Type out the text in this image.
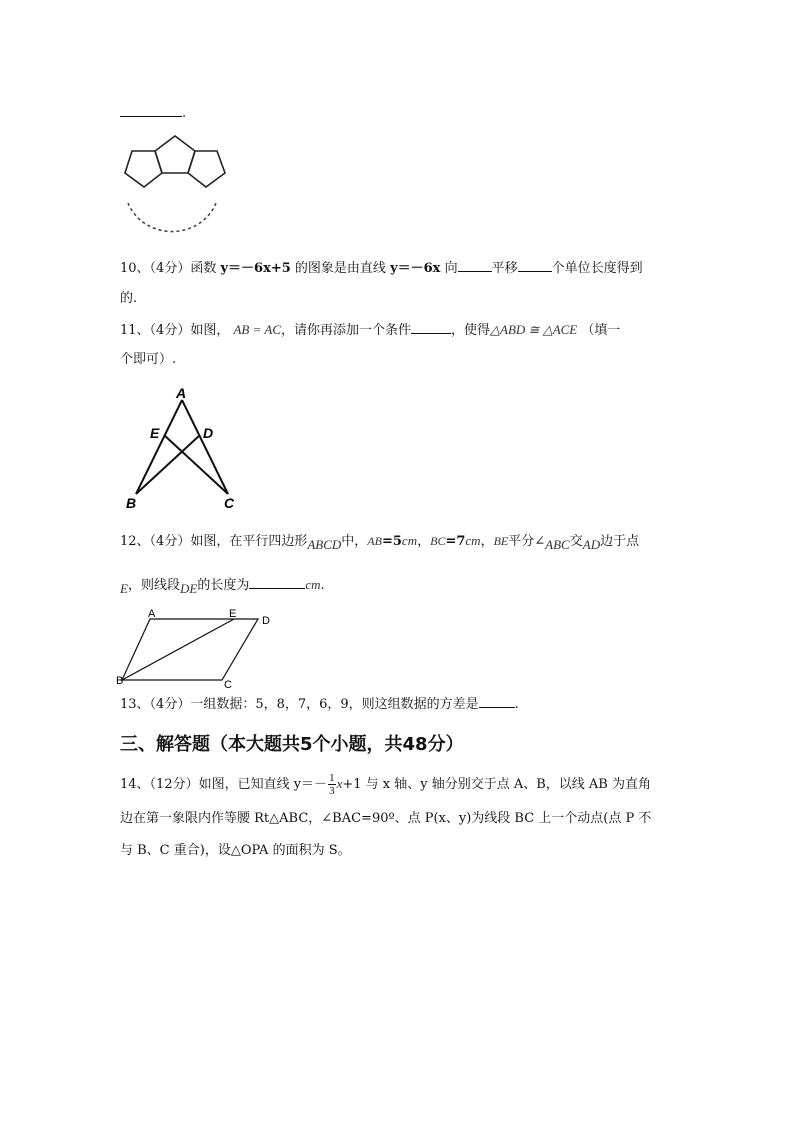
.
10、（4分）函数 y＝－6x+5 的图象是由直线 y＝－6x 向	平移	个单位长度得到
的.
11、（4分）如图， AB = AC，请你再添加一个条件	，使得△ABD ≅ △ACE （填一
个即可）.
A
E	D
B	C
12、（4分）如图，在平行四边形ABCD中，AB=5cm，BC=7cm，BE平分∠ABC交AD边于点
E，则线段DE的长度为	cm.
A	E
D
B	C
13、（4分）一组数据：5，8，7，6，9，则这组数据的方差是	.
三、解答题（本大题共5个小题，共48分）
14、（12分）如图，已知直线 $y=- \frac{1}{3} x+1$ 与 x 轴、y 轴分别交于点 A、B，以线 AB 为直角
边在第一象限内作等腰 Rt△ABC，∠BAC=90º、点 P(x、y)为线段 BC 上一个动点(点 P 不
与 B、C 重合)，设△OPA 的面积为 S。
